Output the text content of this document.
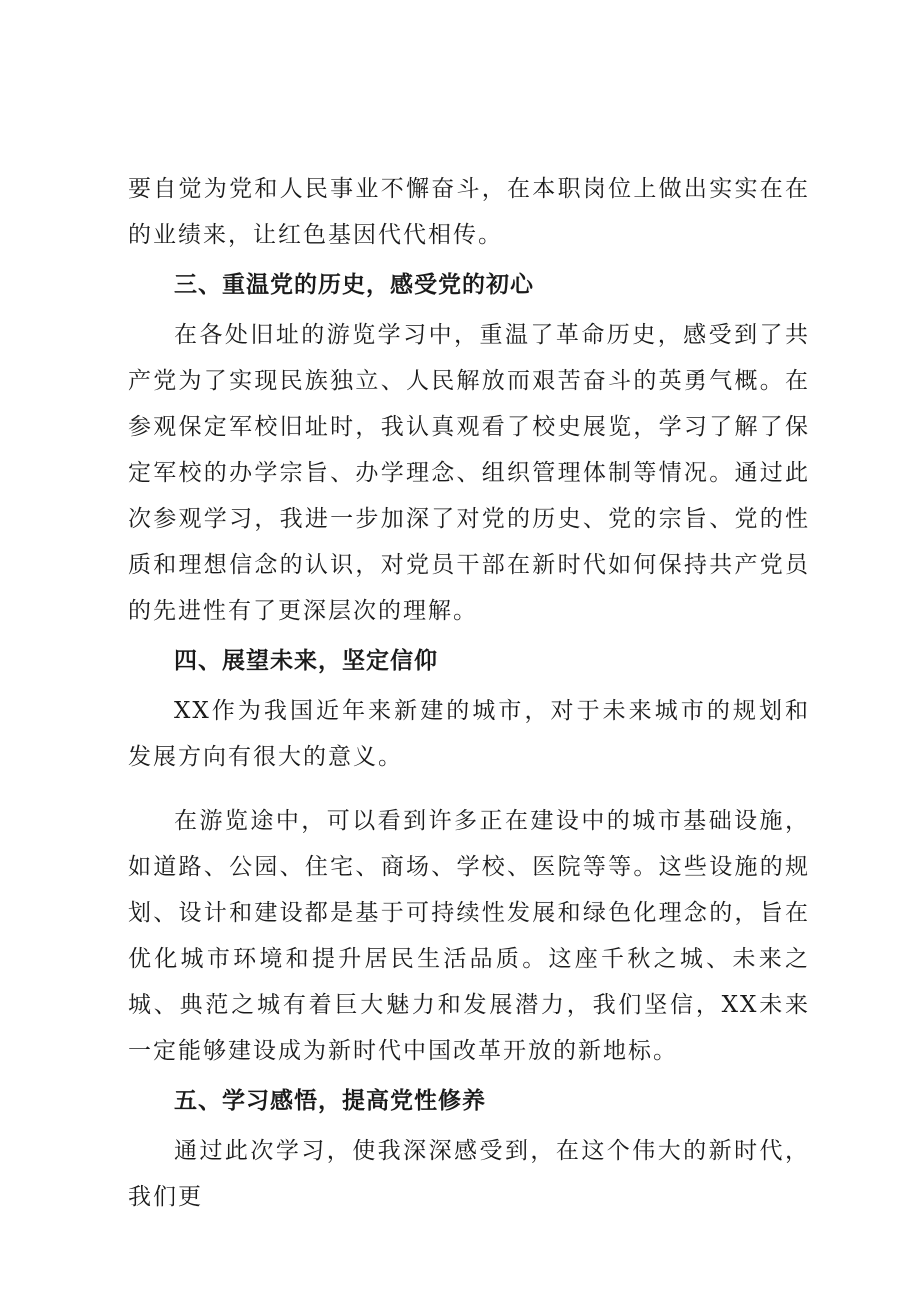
要自觉为党和人民事业不懈奋斗，在本职岗位上做出实实在在的业绩来，让红色基因代代相传。

三、重温党的历史，感受党的初心

在各处旧址的游览学习中，重温了革命历史，感受到了共产党为了实现民族独立、人民解放而艰苦奋斗的英勇气概。在参观保定军校旧址时，我认真观看了校史展览，学习了解了保定军校的办学宗旨、办学理念、组织管理体制等情况。通过此次参观学习，我进一步加深了对党的历史、党的宗旨、党的性质和理想信念的认识，对党员干部在新时代如何保持共产党员的先进性有了更深层次的理解。

四、展望未来，坚定信仰

XX作为我国近年来新建的城市，对于未来城市的规划和发展方向有很大的意义。

在游览途中，可以看到许多正在建设中的城市基础设施，如道路、公园、住宅、商场、学校、医院等等。这些设施的规划、设计和建设都是基于可持续性发展和绿色化理念的，旨在优化城市环境和提升居民生活品质。这座千秋之城、未来之城、典范之城有着巨大魅力和发展潜力，我们坚信，XX未来一定能够建设成为新时代中国改革开放的新地标。

五、学习感悟，提高党性修养

通过此次学习，使我深深感受到，在这个伟大的新时代，我们更
